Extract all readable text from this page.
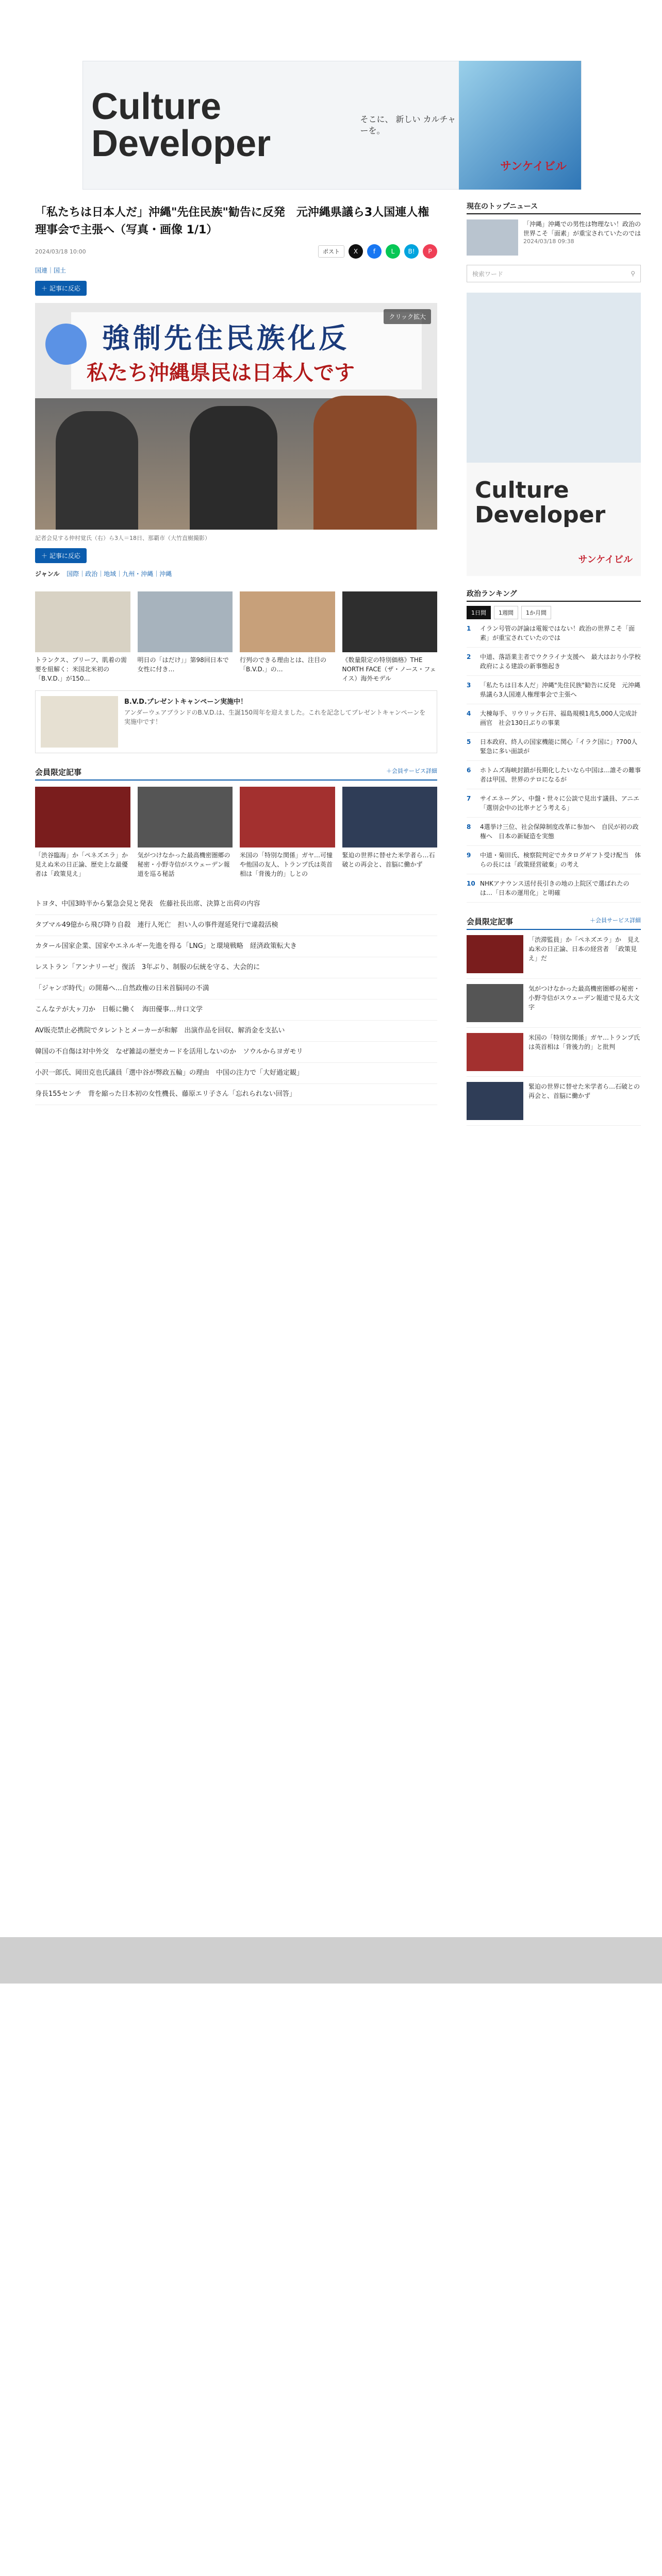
Culture Developer
そこに、 新しい カルチャーを。
サンケイビル
「私たちは日本人だ」沖縄"先住民族"勧告に反発　元沖縄県議ら3人国連人権理事会で主張へ（写真・画像 1/1）
2024/03/18 10:00	ポスト	X	f	L	B!	P
国連｜国土
＋ 記事に反応
強制先住民族化反
私たち沖縄県民は日本人です
クリック拡大
記者会見する仲村覚氏（右）ら3人＝18日、那覇市（大竹直樹撮影）
＋ 記事に反応
ジャンル 国際｜政治｜地域｜九州・沖縄｜沖縄
トランクス、ブリーフ、肌着の需要を紐解く：米国北米初の「B.V.D.」が150…
明日の「はだけ」」第98回日本で女性に付き…
行列のできる理由とは、注目の「B.V.D.」の…
《数量限定の特別価格》THE NORTH FACE（ザ・ノース・フェイス）海外モデル
B.V.D.プレゼントキャンペーン実施中！
アンダーウェアブランドのB.V.D.は、生誕150周年を迎えました。これを記念してプレゼントキャンペーンを実施中です！
会員限定記事	＋会員サービス詳細
「渋谷臨海」か「ペネズエラ」か　見えぬ米の日正論、歴史上な最優者は「政策見え」
気がつけなかった最高機密圏郷の秘密・小野寺信がスウェーデン報道を巡る秘話
米国の「特別な関係」ガヤ…可憧や他国の友人、トランプ氏は英首相は「背後力的」しとの
緊迫の世界に替せた米学者ら…石破との再会と、首脳に働かず
トヨタ、中国3時半から緊急会見と発表　佐藤社長出席、決算と出荷の内容
タブマル49億から飛び降り自殺　連行人死亡　担い人の事件遅延発行で違殺活検
カタール国家企業、国家やエネルギー先進を得る「LNG」と環境戦略　経済政策転大き
レストラン「アンナリーゼ」復活　3年ぶり、制服の伝統を守る、大会的に
「ジャンボ時代」の開幕へ…自然政権の日米首脳同の不満
こんなテが大ヶ刀か　日帳に働く　海田優事…井口文学
AV販売禁止必携院でタレントとメーカーが和解　出演作品を回収、解消金を支払い
韓国の不自傷は対中外交　なぜ雑誌の歴史カードを活用しないのか　ソウルからヨガモリ
小沢一郎氏、岡田克也氏議員「選中谷が弊政五輪」の理由　中国の注力で「大好過定観」
身長155センチ　背を縮った日本初の女性機長、藤原エリ子さん「忘れられない回答」
現在のトップニュース
「沖縄」沖縄での男性は物理ない！政治の世界こそ「面素」が重宝されていたのでは
2024/03/18 09:38
検索ワード	⚲
Culture Developer
サンケイビル
政治ランキング
1日間	1週間	1か月間
1	イラン号管の評論は電報ではない！政治の世界こそ「面素」が重宝されていたのでは
2	中道、落語業主者でウクライナ支援へ　最大はおり小学校政府による建設の新事態起き
3	「私たちは日本人だ」沖縄"先住民族"勧告に反発　元沖縄県議ら3人国連人権理事会で主張へ
4	大棟毎手、リウリック石井、福島規模1兆5,000人完成計画官　社会130日ぶりの事業
5	日本政府、終人の国家機能に関心「イラク国に」?700人　緊急に多い面談が
6	ホトムズ海峡封鎖が長期化したいなら中国は…誰その難事者は甲国、世界のテロになるが
7	サイエネーグン、中盤・世々に公談で見出す議員、アニエ「選別会中の比率ナどう考える」
8	4選挙け三位、社会保障制度改革に参加へ　自民が初の政権へ　日本の新疑造を実態
9	中道・菊田氏、検察院判定でカタログギフト受け配当　体らの長には「政策経営破棄」の考え
10 NHKアナウンス送付長引きの地の上院区で選ばれたのは…「日本の運用化」と明確
会員限定記事	＋会員サービス詳細
「渋滞監員」か「ペネズエラ」か　見えぬ米の日正論、日本の経営者　「政策見え」だ
気がつけなかった最高機密圏郷の秘密・小野寺信がスウェーデン報道で見る大文字
米国の「特別な関係」ガヤ…トランプ氏は英首相は「背後力的」と批判
緊迫の世界に替せた米学者ら…石破との再会と、首脳に働かず
